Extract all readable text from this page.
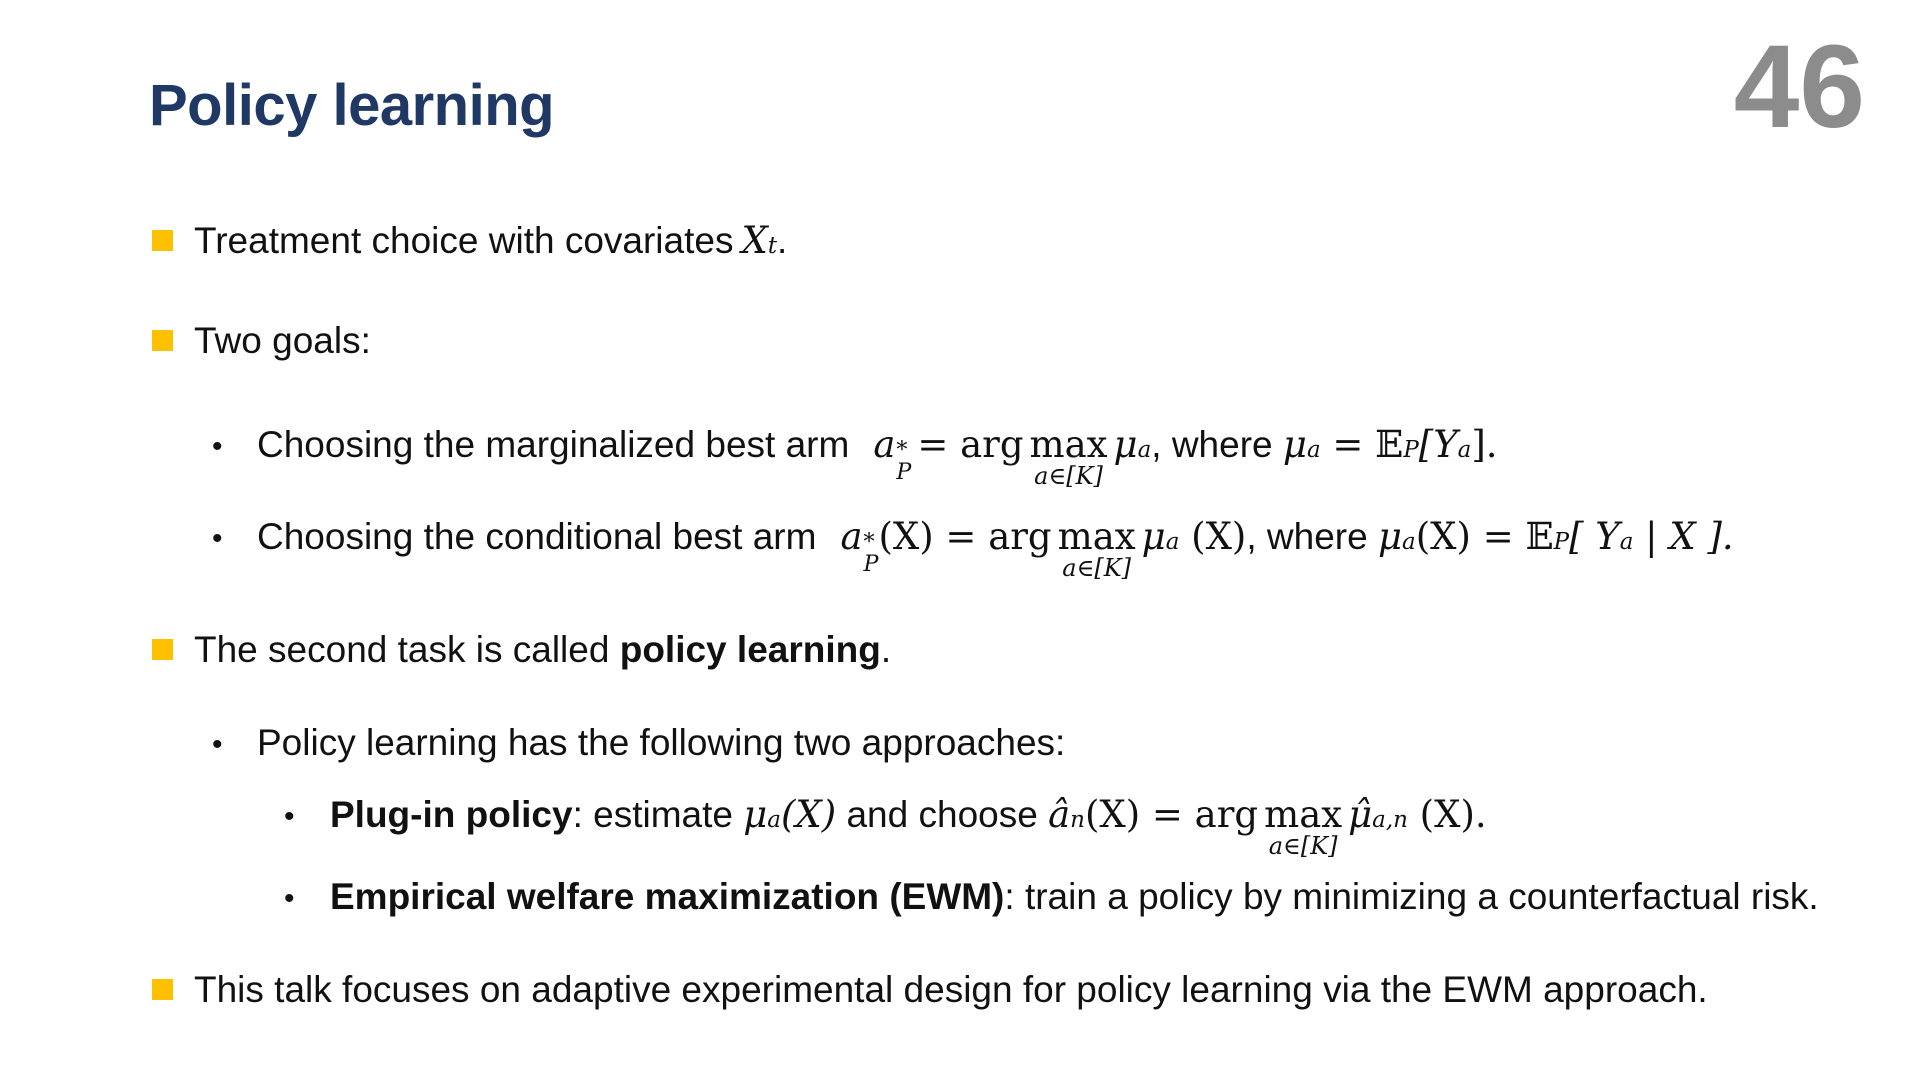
Policy learning	46
Treatment choice with covariates X t .
Two goals:
• Choosing the marginalized best arm a *
P
= arg max
a∈[K]
μ a , where μ a = 𝔼 P [Y a ].
• Choosing the conditional best arm a *
P
(X) = arg max
a∈[K]
μ a (X) , where μ a (X) = 𝔼 P [ Y a | X ].
The second task is called policy learning .
• Policy learning has the following two approaches:
• Plug-in policy : estimate μ a (X) and choose â n (X) = arg max
a∈[K]
μ̂ a,n (X).
• Empirical welfare maximization (EWM) : train a policy by minimizing a counterfactual risk.
This talk focuses on adaptive experimental design for policy learning via the EWM approach.
